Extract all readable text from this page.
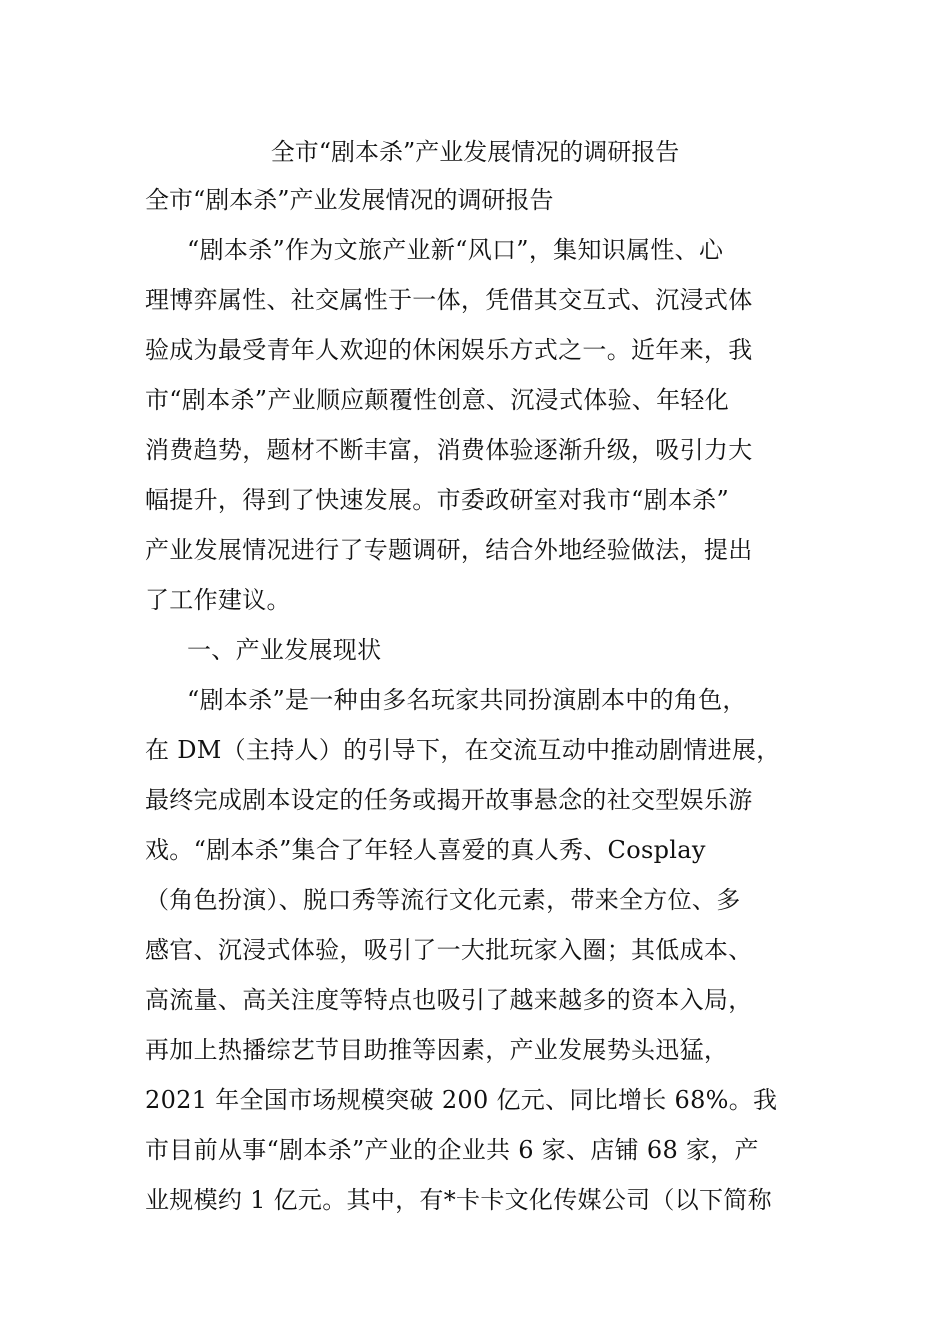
全市“剧本杀”产业发展情况的调研报告
全市“剧本杀”产业发展情况的调研报告
“剧本杀”作为文旅产业新“风口”，集知识属性、心
理博弈属性、社交属性于一体，凭借其交互式、沉浸式体
验成为最受青年人欢迎的休闲娱乐方式之一。近年来，我
市“剧本杀”产业顺应颠覆性创意、沉浸式体验、年轻化
消费趋势，题材不断丰富，消费体验逐渐升级，吸引力大
幅提升，得到了快速发展。市委政研室对我市“剧本杀”
产业发展情况进行了专题调研，结合外地经验做法，提出
了工作建议。
一、产业发展现状
“剧本杀”是一种由多名玩家共同扮演剧本中的角色，
在 DM（主持人）的引导下，在交流互动中推动剧情进展，
最终完成剧本设定的任务或揭开故事悬念的社交型娱乐游
戏。“剧本杀”集合了年轻人喜爱的真人秀、Cosplay
（角色扮演）、脱口秀等流行文化元素，带来全方位、多
感官、沉浸式体验，吸引了一大批玩家入圈；其低成本、
高流量、高关注度等特点也吸引了越来越多的资本入局，
再加上热播综艺节目助推等因素，产业发展势头迅猛，
2021 年全国市场规模突破 200 亿元、同比增长 68%。我
市目前从事“剧本杀”产业的企业共 6 家、店铺 68 家，产
业规模约 1 亿元。其中，有*卡卡文化传媒公司（以下简称
